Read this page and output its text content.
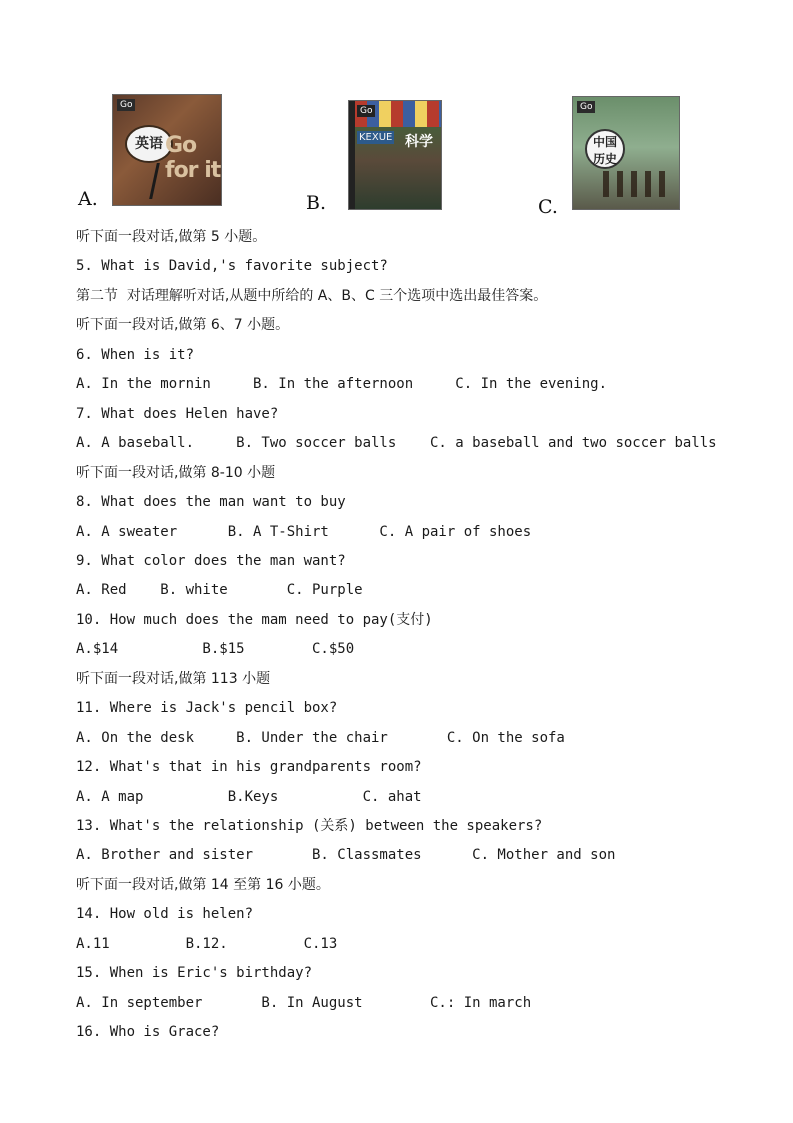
A.
Go
英语 Go for it
B.
Go
KEXUE 科学
C.
Go
中国
历史
听下面一段对话,做第 5 小题。
5. What is David,'s favorite subject?
第二节  对话理解听对话,从题中所给的 A、B、C 三个选项中选出最佳答案。
听下面一段对话,做第 6、7 小题。
6. When is it?
A. In the mornin     B. In the afternoon     C. In the evening.
7. What does Helen have?
A. A baseball.     B. Two soccer balls    C. a baseball and two soccer balls
听下面一段对话,做第 8-10 小题
8. What does the man want to buy
A. A sweater      B. A T-Shirt      C. A pair of shoes
9. What color does the man want?
A. Red    B. white       C. Purple
10. How much does the mam need to pay(支付)
A.$14          B.$15        C.$50
听下面一段对话,做第 113 小题
11. Where is Jack's pencil box?
A. On the desk     B. Under the chair       C. On the sofa
12. What's that in his grandparents room?
A. A map          B.Keys          C. ahat
13. What's the relationship (关系) between the speakers?
A. Brother and sister       B. Classmates      C. Mother and son
听下面一段对话,做第 14 至第 16 小题。
14. How old is helen?
A.11         B.12.         C.13
15. When is Eric's birthday?
A. In september       B. In August        C.: In march
16. Who is Grace?
